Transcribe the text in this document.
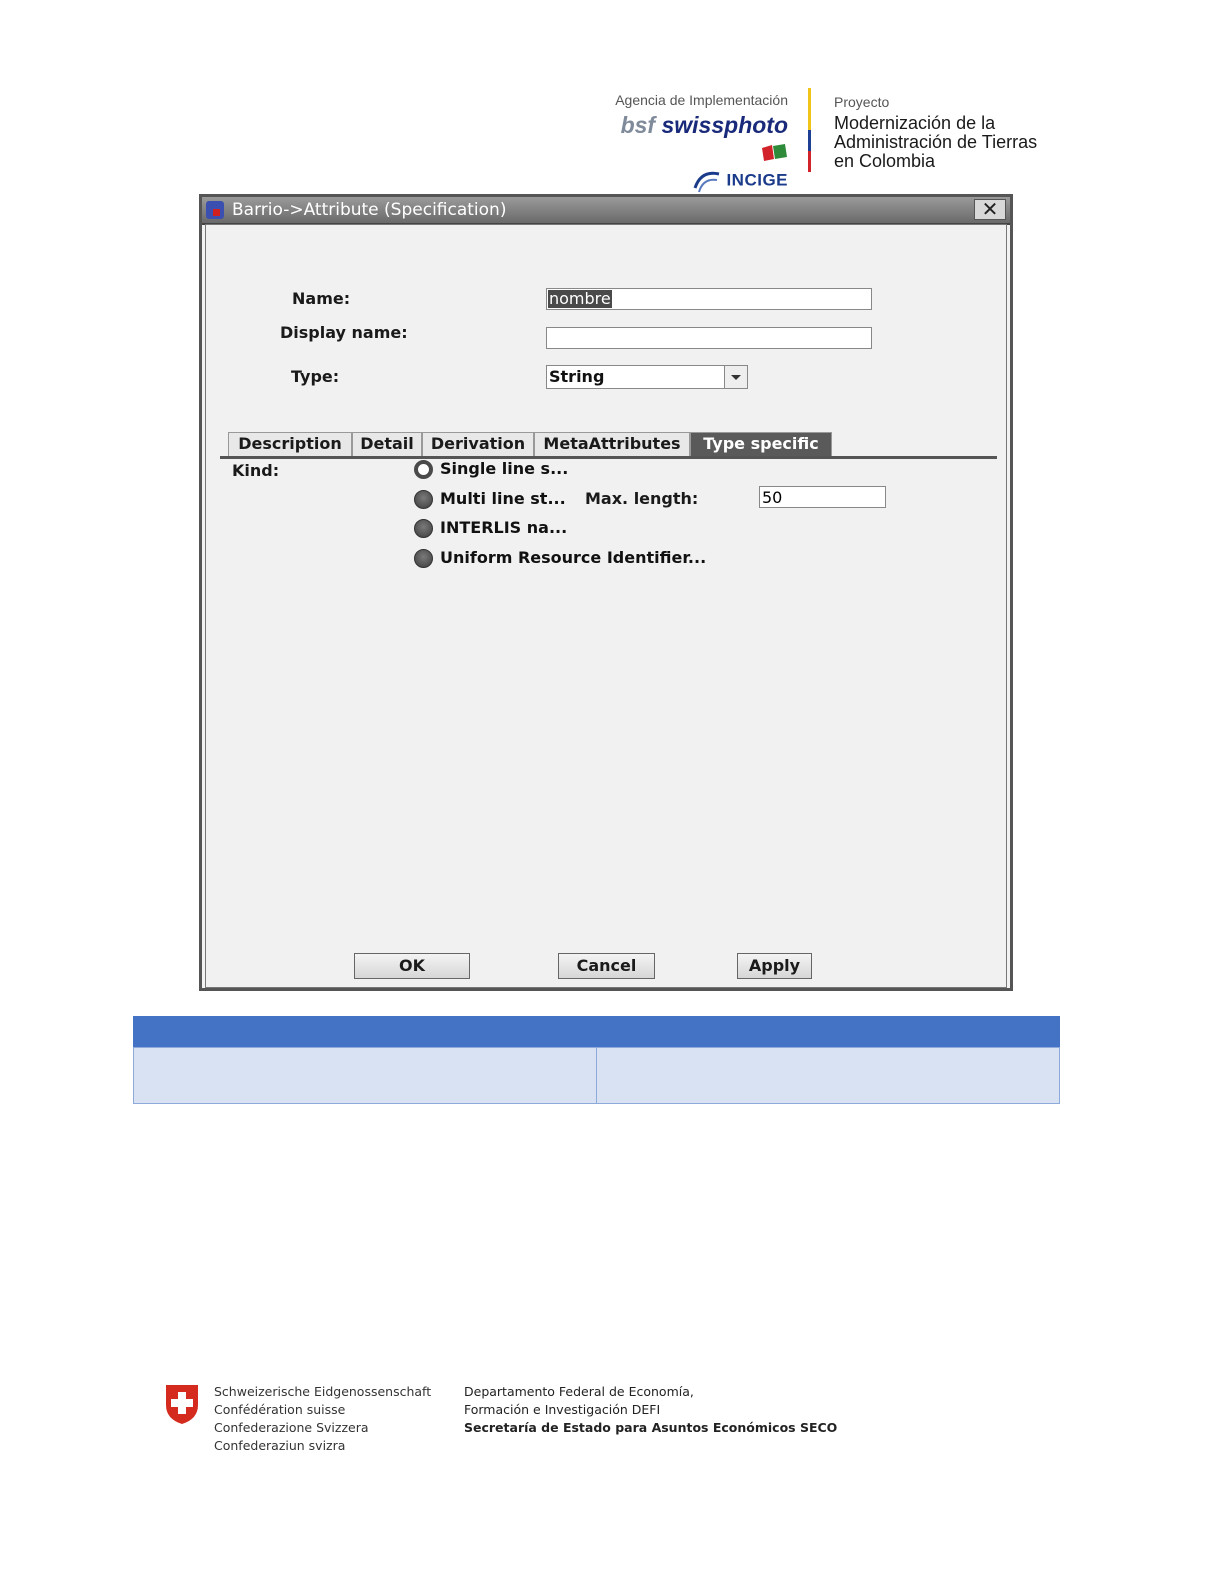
Agencia de Implementación
bsf swissphoto
INCIGE
Proyecto
Modernización de la
Administración de Tierras
en Colombia
Barrio->Attribute (Specification)	✕
Name:	nombre
Display name:
Type:	String
Description	Detail	Derivation	MetaAttributes	Type specific
Kind:	Single line s...
Multi line st...
INTERLIS na...
Uniform Resource Identifier...
Max. length:
50
OK	Cancel	Apply
Schweizerische Eidgenossenschaft
Confédération suisse
Confederazione Svizzera
Confederaziun svizra
Departamento Federal de Economía,
Formación e Investigación DEFI
Secretaría de Estado para Asuntos Económicos SECO
